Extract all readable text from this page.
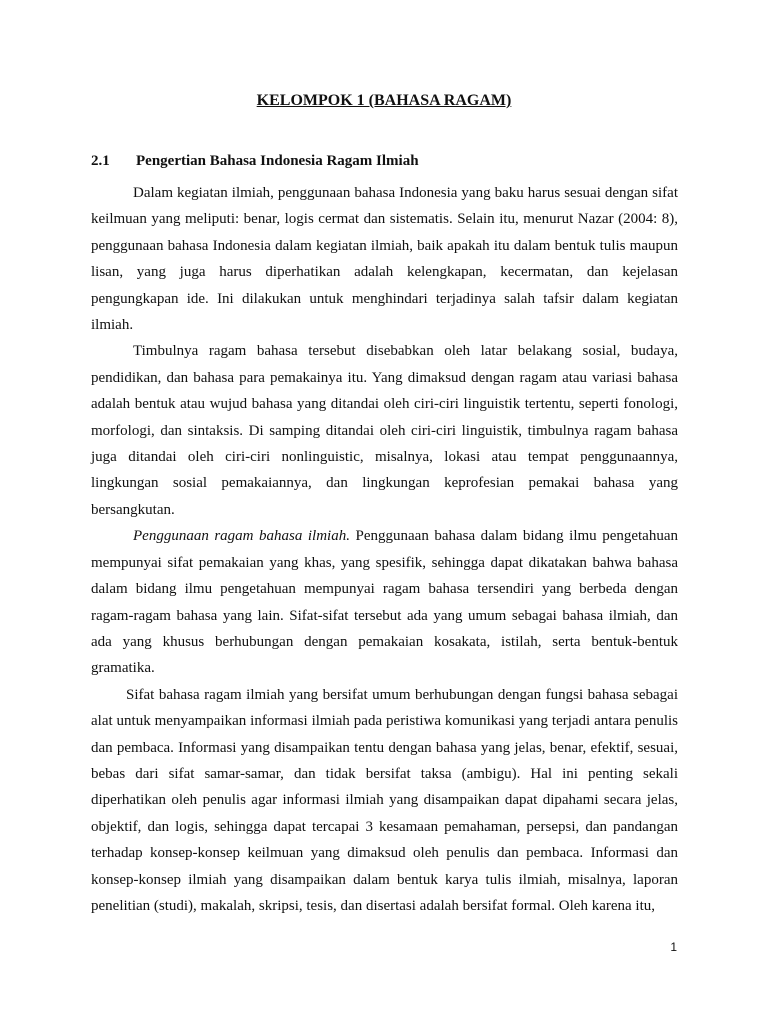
KELOMPOK 1 (BAHASA RAGAM)
2.1 Pengertian Bahasa Indonesia Ragam Ilmiah

Dalam kegiatan ilmiah, penggunaan bahasa Indonesia yang baku harus sesuai dengan sifat keilmuan yang meliputi: benar, logis cermat dan sistematis. Selain itu, menurut Nazar (2004: 8), penggunaan bahasa Indonesia dalam kegiatan ilmiah, baik apakah itu dalam bentuk tulis maupun lisan, yang juga harus diperhatikan adalah kelengkapan, kecermatan, dan kejelasan pengungkapan ide. Ini dilakukan untuk menghindari terjadinya salah tafsir dalam kegiatan ilmiah.

Timbulnya ragam bahasa tersebut disebabkan oleh latar belakang sosial, budaya, pendidikan, dan bahasa para pemakainya itu. Yang dimaksud dengan ragam atau variasi bahasa adalah bentuk atau wujud bahasa yang ditandai oleh ciri-ciri linguistik tertentu, seperti fonologi, morfologi, dan sintaksis. Di samping ditandai oleh ciri-ciri linguistik, timbulnya ragam bahasa juga ditandai oleh ciri-ciri nonlinguistic, misalnya, lokasi atau tempat penggunaannya, lingkungan sosial pemakaiannya, dan lingkungan keprofesian pemakai bahasa yang bersangkutan.

Penggunaan ragam bahasa ilmiah. Penggunaan bahasa dalam bidang ilmu pengetahuan mempunyai sifat pemakaian yang khas, yang spesifik, sehingga dapat dikatakan bahwa bahasa dalam bidang ilmu pengetahuan mempunyai ragam bahasa tersendiri yang berbeda dengan ragam-ragam bahasa yang lain. Sifat-sifat tersebut ada yang umum sebagai bahasa ilmiah, dan ada yang khusus berhubungan dengan pemakaian kosakata, istilah, serta bentuk-bentuk gramatika.

Sifat bahasa ragam ilmiah yang bersifat umum berhubungan dengan fungsi bahasa sebagai alat untuk menyampaikan informasi ilmiah pada peristiwa komunikasi yang terjadi antara penulis dan pembaca. Informasi yang disampaikan tentu dengan bahasa yang jelas, benar, efektif, sesuai, bebas dari sifat samar-samar, dan tidak bersifat taksa (ambigu). Hal ini penting sekali diperhatikan oleh penulis agar informasi ilmiah yang disampaikan dapat dipahami secara jelas, objektif, dan logis, sehingga dapat tercapai 3 kesamaan pemahaman, persepsi, dan pandangan terhadap konsep-konsep keilmuan yang dimaksud oleh penulis dan pembaca. Informasi dan konsep-konsep ilmiah yang disampaikan dalam bentuk karya tulis ilmiah, misalnya, laporan penelitian (studi), makalah, skripsi, tesis, dan disertasi adalah bersifat formal. Oleh karena itu,

1
